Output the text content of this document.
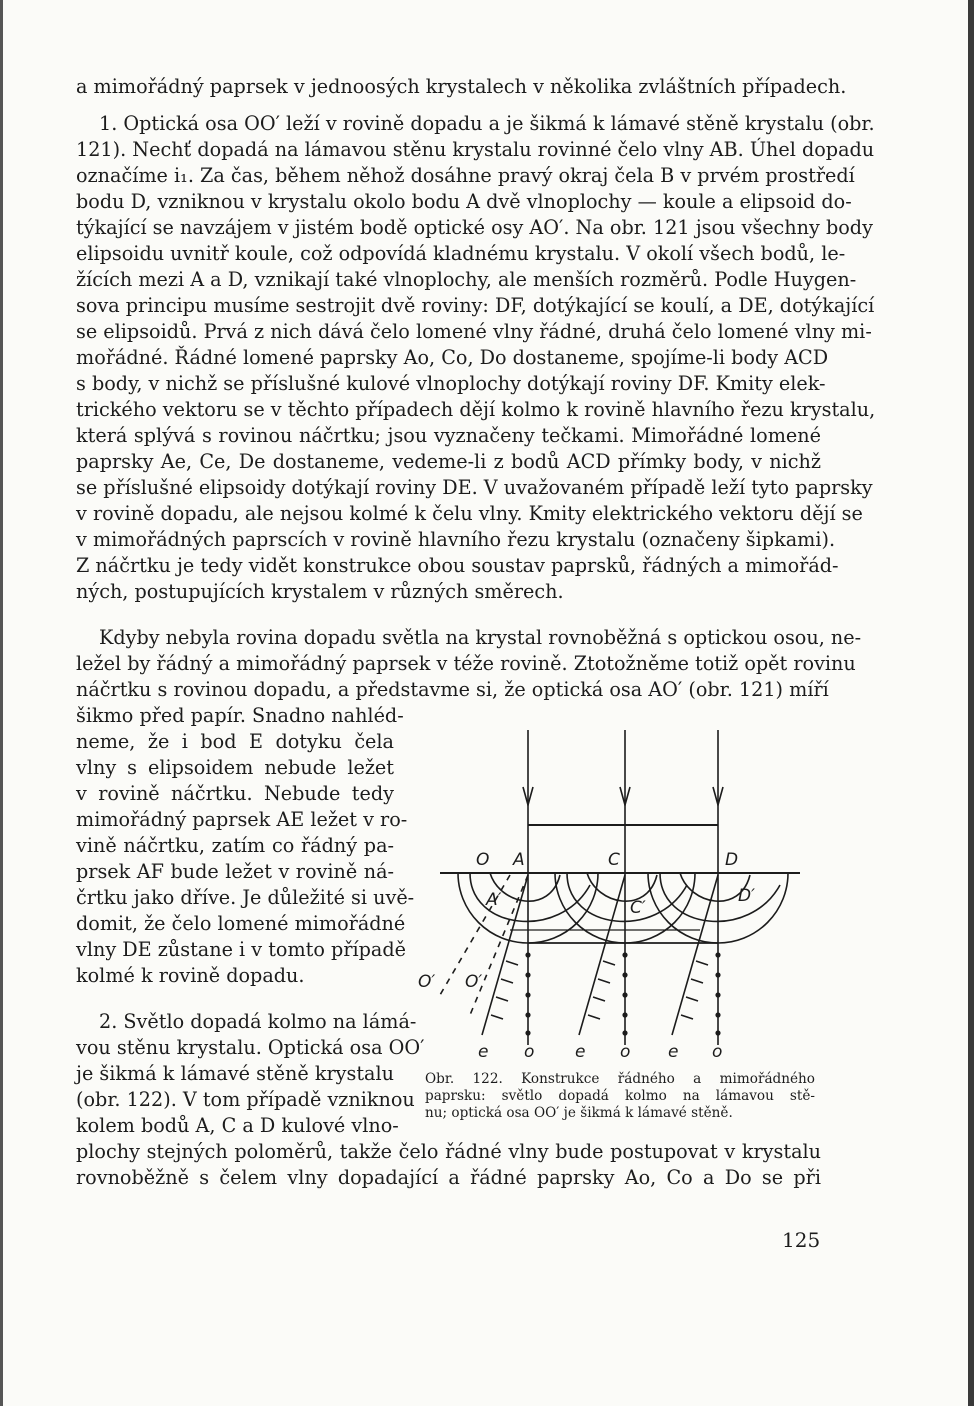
a mimořádný paprsek v jednoosých krystalech v několika zvláštních případech.
1. Optická osa OO′ leží v rovině dopadu a je šikmá k lámavé stěně krystalu (obr.
121). Nechť dopadá na lámavou stěnu krystalu rovinné čelo vlny AB. Úhel dopadu
označíme i₁. Za čas, během něhož dosáhne pravý okraj čela B v prvém prostředí
bodu D, vzniknou v krystalu okolo bodu A dvě vlnoplochy — koule a elipsoid do-
týkající se navzájem v jistém bodě optické osy AO′. Na obr. 121 jsou všechny body
elipsoidu uvnitř koule, což odpovídá kladnému krystalu. V okolí všech bodů, le-
žících mezi A a D, vznikají také vlnoplochy, ale menších rozměrů. Podle Huygen-
sova principu musíme sestrojit dvě roviny: DF, dotýkající se koulí, a DE, dotýkající
se elipsoidů. Prvá z nich dává čelo lomené vlny řádné, druhá čelo lomené vlny mi-
mořádné. Řádné lomené paprsky Ao, Co, Do dostaneme, spojíme-li body ACD
s body, v nichž se příslušné kulové vlnoplochy dotýkají roviny DF. Kmity elek-
trického vektoru se v těchto případech dějí kolmo k rovině hlavního řezu krystalu,
která splývá s rovinou náčrtku; jsou vyznačeny tečkami. Mimořádné lomené
paprsky Ae, Ce, De dostaneme, vedeme-li z bodů ACD přímky body, v nichž
se příslušné elipsoidy dotýkají roviny DE. V uvažovaném případě leží tyto paprsky
v rovině dopadu, ale nejsou kolmé k čelu vlny. Kmity elektrického vektoru dějí se
v mimořádných paprscích v rovině hlavního řezu krystalu (označeny šipkami).
Z náčrtku je tedy vidět konstrukce obou soustav paprsků, řádných a mimořád-
ných, postupujících krystalem v různých směrech.
Kdyby nebyla rovina dopadu světla na krystal rovnoběžná s optickou osou, ne-
ležel by řádný a mimořádný paprsek v téže rovině. Ztotožněme totiž opět rovinu
náčrtku s rovinou dopadu, a představme si, že optická osa AO′ (obr. 121) míří
šikmo před papír. Snadno nahléd-
neme, že i bod E dotyku čela
vlny s elipsoidem nebude ležet
v rovině náčrtku. Nebude tedy
mimořádný paprsek AE ležet v ro-
vině náčrtku, zatím co řádný pa-
prsek AF bude ležet v rovině ná-
črtku jako dříve. Je důležité si uvě-
domit, že čelo lomené mimořádné
vlny DE zůstane i v tomto případě
kolmé k rovině dopadu.
2. Světlo dopadá kolmo na lámá-
vou stěnu krystalu. Optická osa OO′
je šikmá k lámavé stěně krystalu
(obr. 122). V tom případě vzniknou
kolem bodů A, C a D kulové vlno-
plochy stejných poloměrů, takže čelo řádné vlny bude postupovat v krystalu
rovnoběžně s čelem vlny dopadající a řádné paprsky Ao, Co a Do se při
O A	C	D
A′	C′
D′
O′ O′
e o e o e o
Obr. 122. Konstrukce řádného a mimořádného
paprsku: světlo dopadá kolmo na lámavou stě-
nu; optická osa OO′ je šikmá k lámavé stěně.
125
